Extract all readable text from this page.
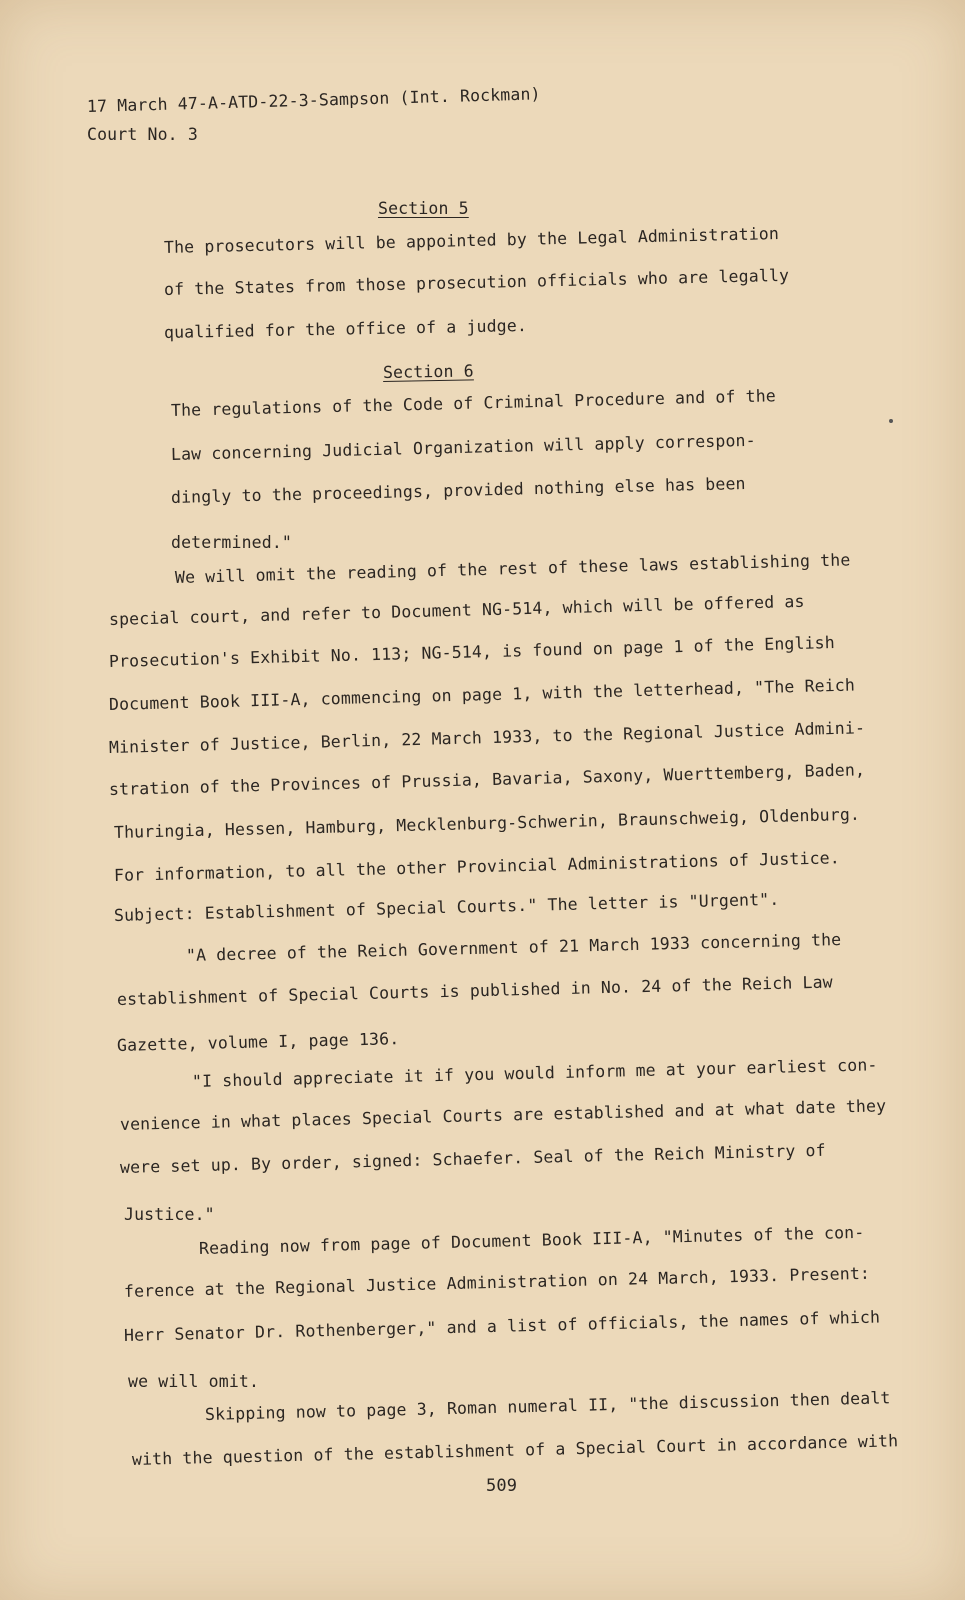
17 March 47-A-ATD-22-3-Sampson (Int. Rockman)
Court No. 3
Section 5
The prosecutors will be appointed by the Legal Administration
of the States from those prosecution officials who are legally
qualified for the office of a judge.
Section 6
The regulations of the Code of Criminal Procedure and of the
Law concerning Judicial Organization will apply correspon-
dingly to the proceedings, provided nothing else has been
determined."
We will omit the reading of the rest of these laws establishing the
special court, and refer to Document NG-514, which will be offered as
Prosecution's Exhibit No. 113; NG-514, is found on page 1 of the English
Document Book III-A, commencing on page 1, with the letterhead, "The Reich
Minister of Justice, Berlin, 22 March 1933, to the Regional Justice Admini-
stration of the Provinces of Prussia, Bavaria, Saxony, Wuerttemberg, Baden,
Thuringia, Hessen, Hamburg, Mecklenburg-Schwerin, Braunschweig, Oldenburg.
For information, to all the other Provincial Administrations of Justice.
Subject: Establishment of Special Courts." The letter is "Urgent".
"A decree of the Reich Government of 21 March 1933 concerning the
establishment of Special Courts is published in No. 24 of the Reich Law
Gazette, volume I, page 136.
"I should appreciate it if you would inform me at your earliest con-
venience in what places Special Courts are established and at what date they
were set up. By order, signed: Schaefer. Seal of the Reich Ministry of
Justice."
Reading now from page of Document Book III-A, "Minutes of the con-
ference at the Regional Justice Administration on 24 March, 1933. Present:
Herr Senator Dr. Rothenberger," and a list of officials, the names of which
we will omit.
Skipping now to page 3, Roman numeral II, "the discussion then dealt
with the question of the establishment of a Special Court in accordance with
509
